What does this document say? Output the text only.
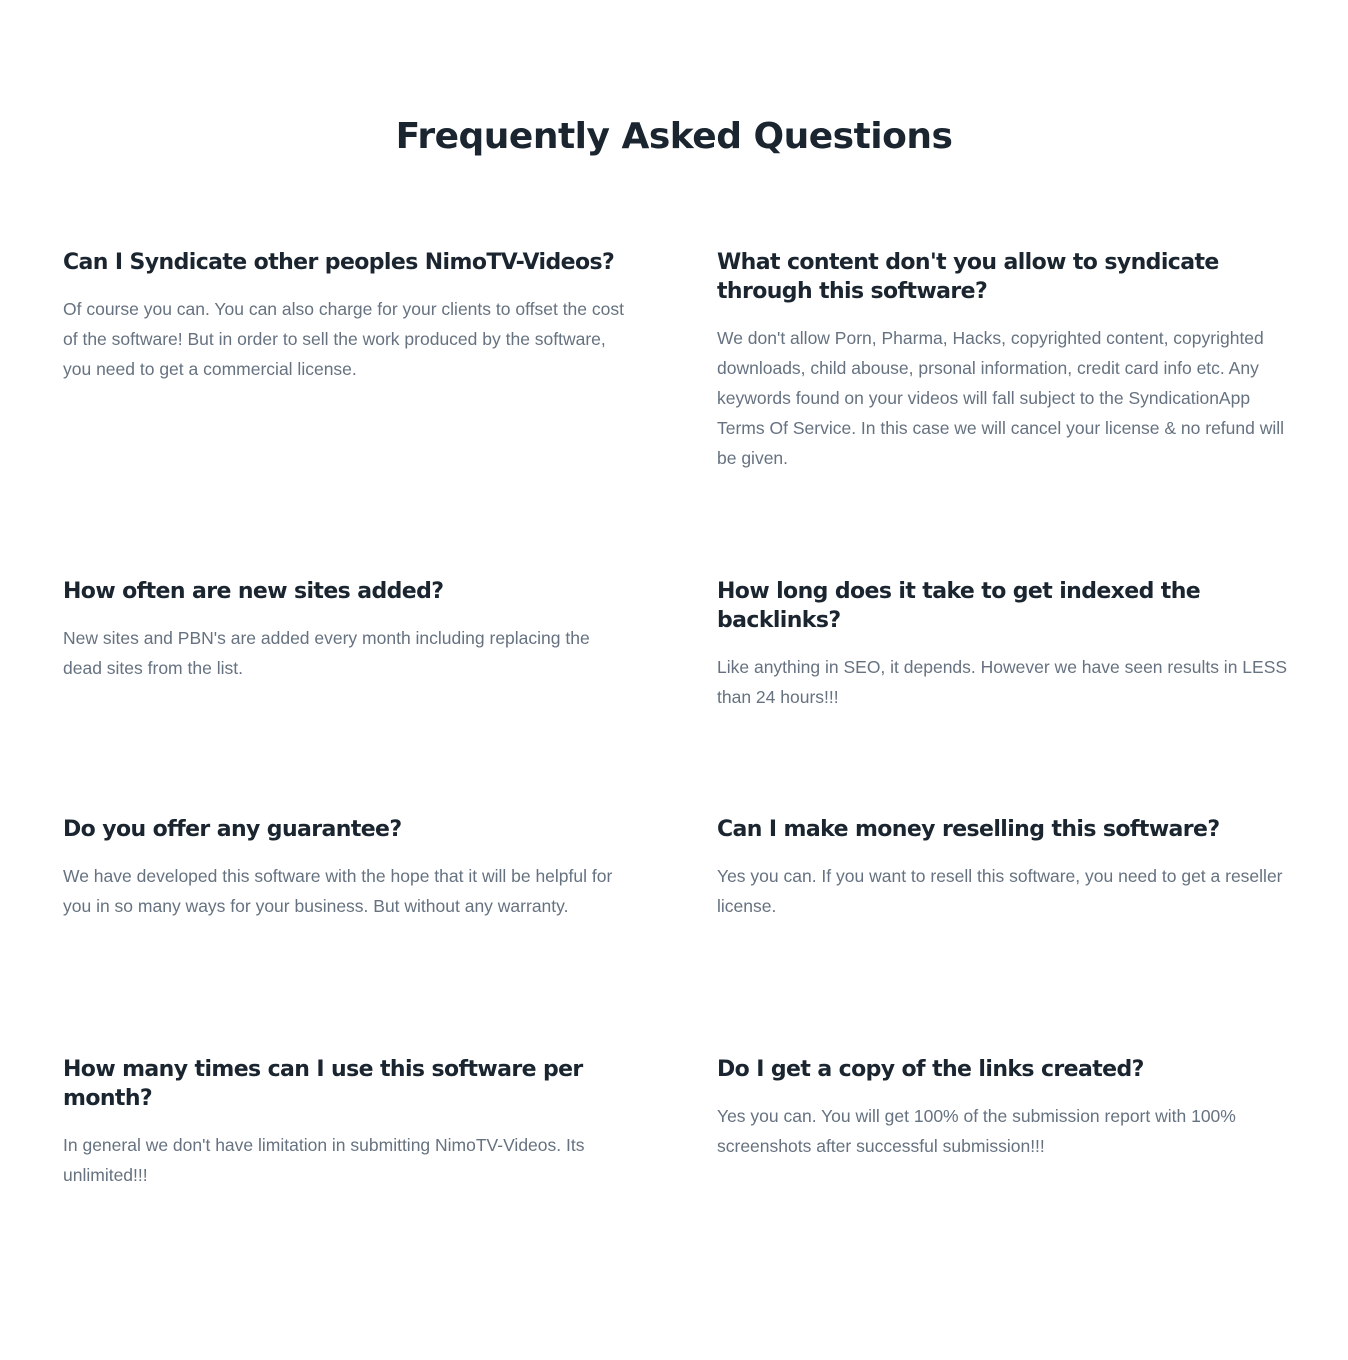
Frequently Asked Questions
Can I Syndicate other peoples NimoTV-Videos?

Of course you can. You can also charge for your clients to offset the cost of the software! But in order to sell the work produced by the software, you need to get a commercial license.

What content don't you allow to syndicate through this software?

We don't allow Porn, Pharma, Hacks, copyrighted content, copyrighted downloads, child abouse, prsonal information, credit card info etc. Any keywords found on your videos will fall subject to the SyndicationApp Terms Of Service. In this case we will cancel your license & no refund will be given.

How often are new sites added?

New sites and PBN's are added every month including replacing the dead sites from the list.

How long does it take to get indexed the backlinks?

Like anything in SEO, it depends. However we have seen results in LESS than 24 hours!!!

Do you offer any guarantee?

We have developed this software with the hope that it will be helpful for you in so many ways for your business. But without any warranty.

Can I make money reselling this software?

Yes you can. If you want to resell this software, you need to get a reseller license.

How many times can I use this software per month?

In general we don't have limitation in submitting NimoTV-Videos. Its unlimited!!!

Do I get a copy of the links created?

Yes you can. You will get 100% of the submission report with 100% screenshots after successful submission!!!
